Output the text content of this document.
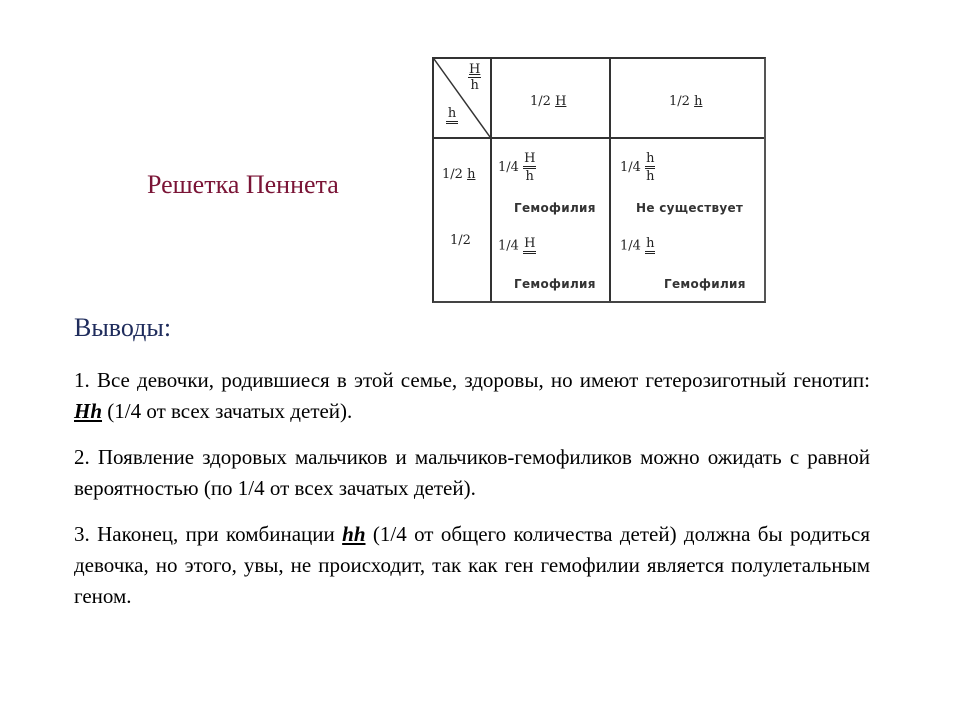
Решетка Пеннета
$\frac{H}{h}$
h
1/2 H	1/2 h
1/2 h
1/2
$1/4 \frac{H}{h}$
Гемофилия
$1/4 \frac{h}{h}$
Не существует
1/4 H
Гемофилия
1/4 h
Гемофилия
Выводы:
1. Все девочки, родившиеся в этой семье, здоровы, но имеют гетерозиготный генотип: Hh (1/4 от всех зачатых детей).
2. Появление здоровых мальчиков и мальчиков-гемофиликов можно ожидать с равной вероятностью (по 1/4 от всех зачатых детей).
3. Наконец, при комбинации hh (1/4 от общего количества детей) должна бы родиться девочка, но этого, увы, не происходит, так как ген гемофилии является полулетальным геном.
